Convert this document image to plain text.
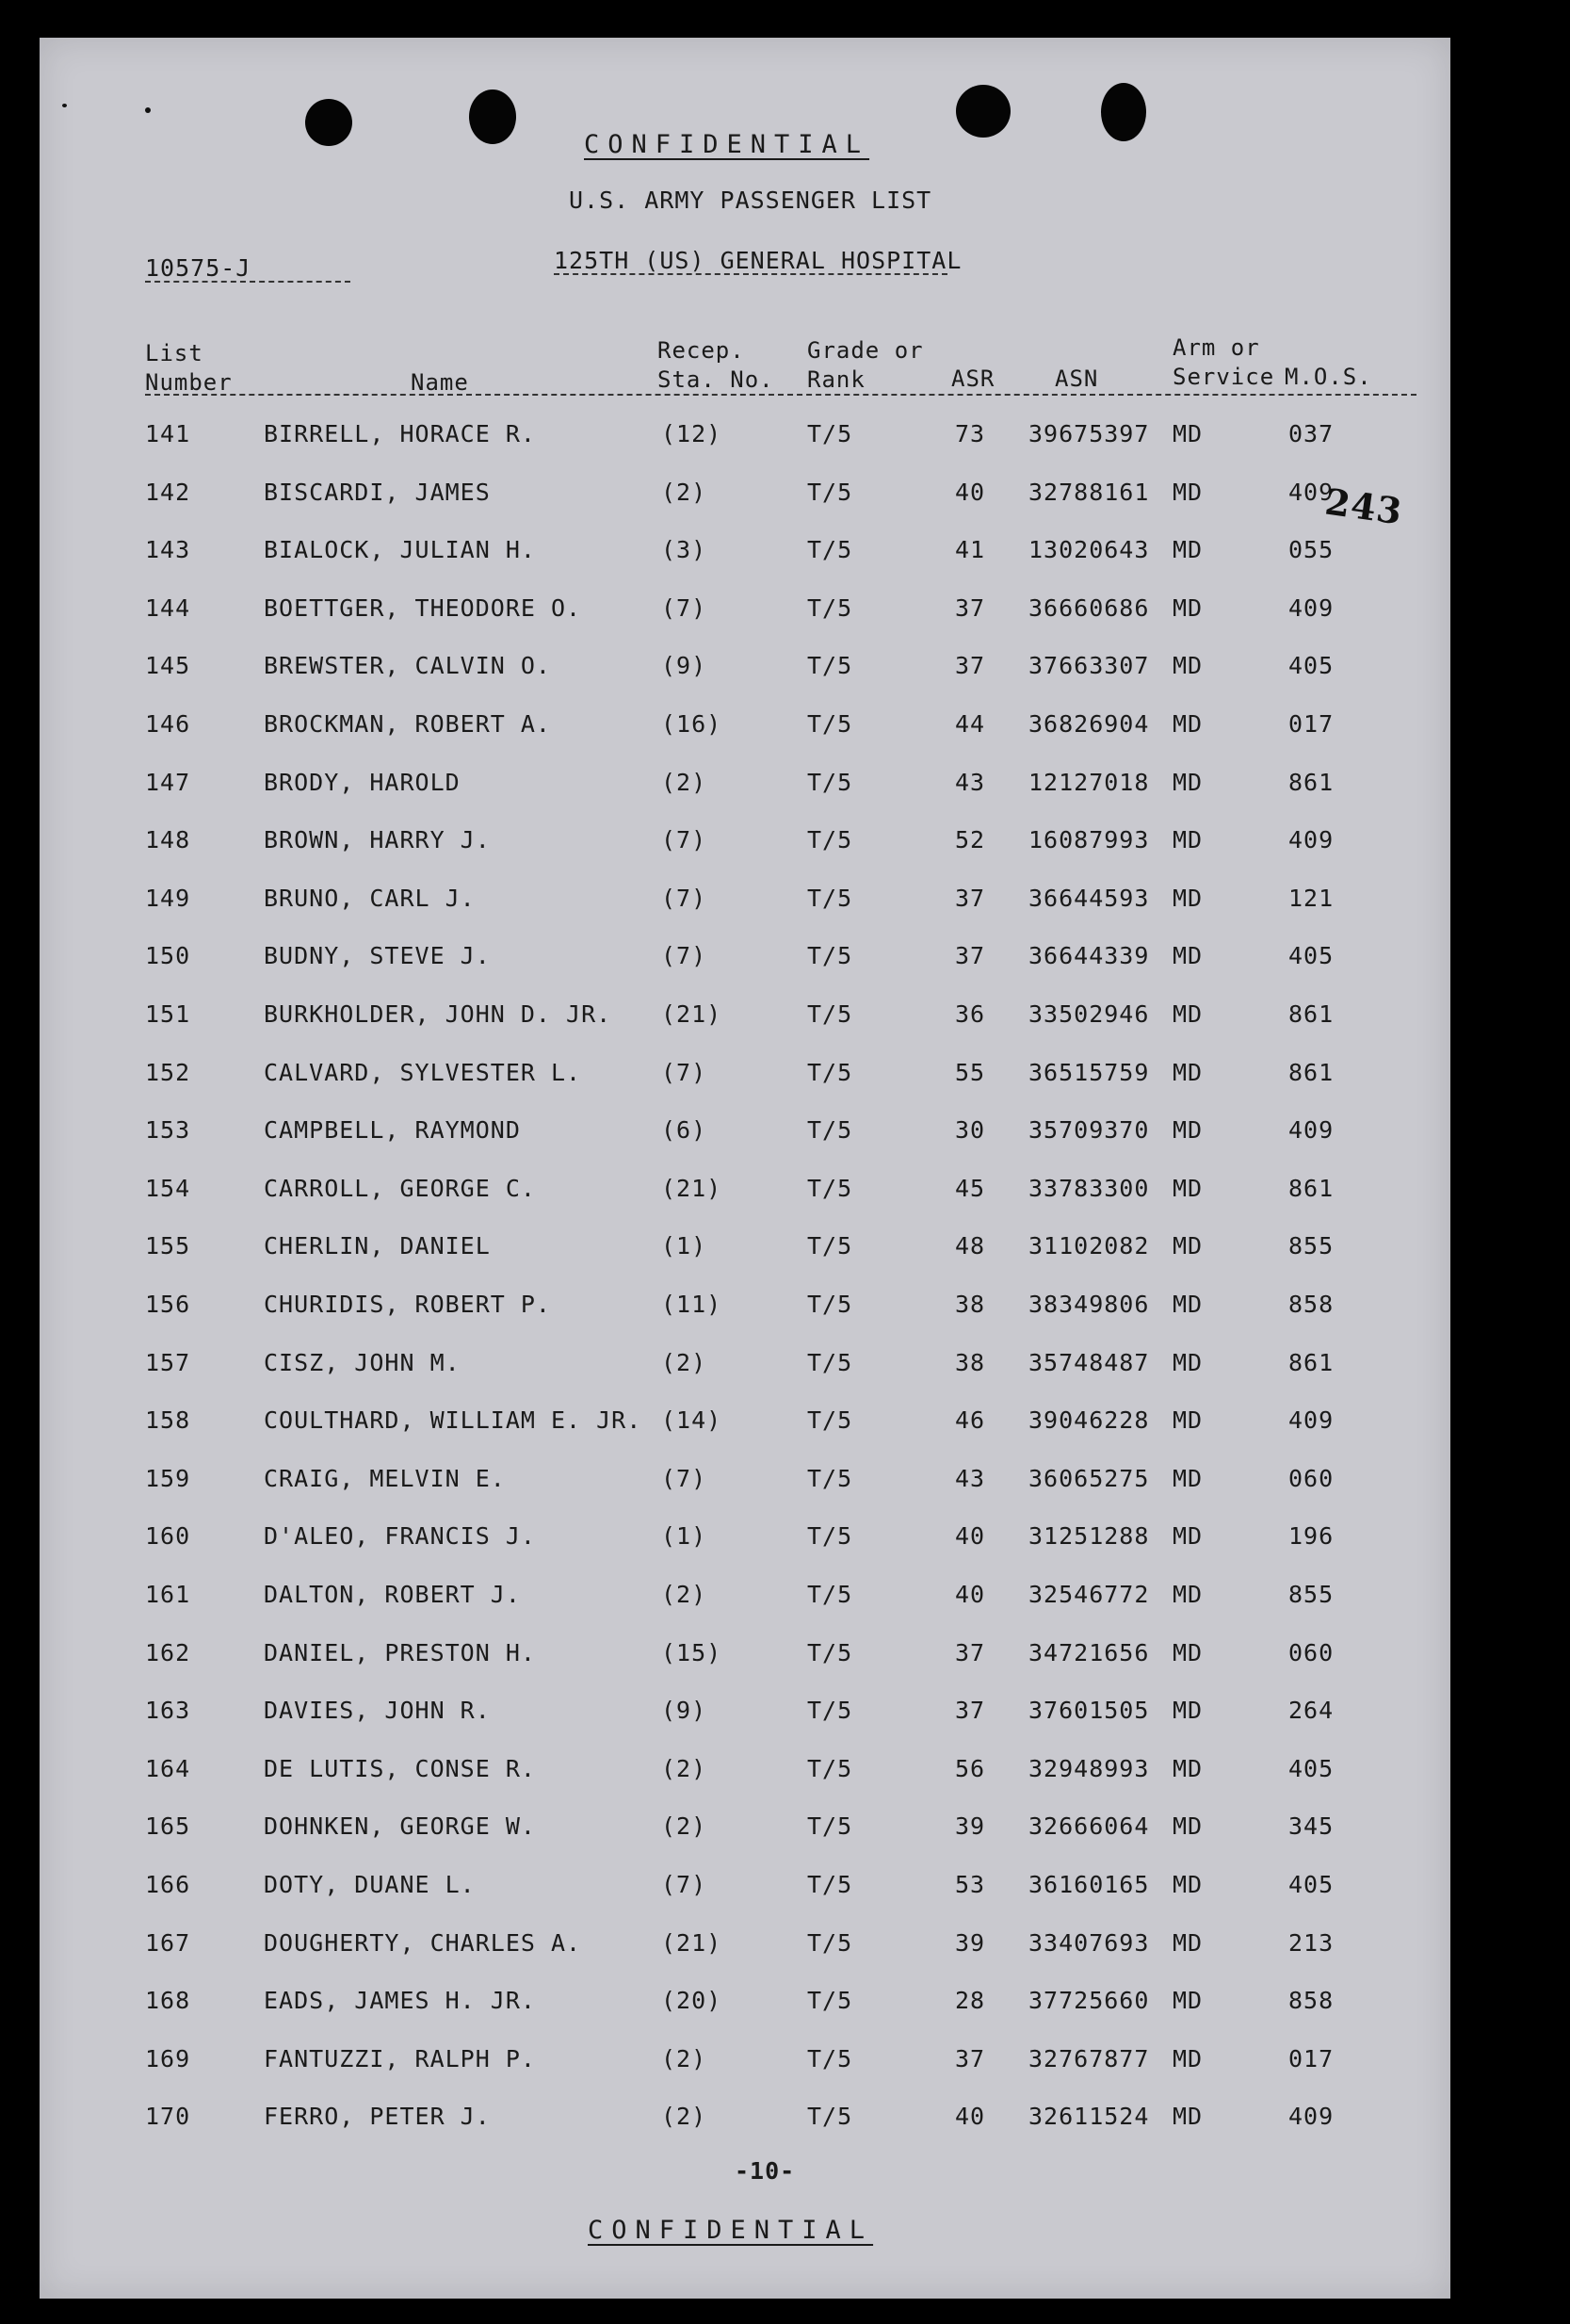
CONFIDENTIAL
U.S. ARMY PASSENGER LIST
10575-J	125TH (US) GENERAL HOSPITAL
List
Number	Name
Recep.
Sta. No.
Grade or
Rank	ASR	ASN
Arm or
Service M.O.S.
141	BIRRELL, HORACE R.	(12)	T/5	73 39675397 MD	037
142	BISCARDI, JAMES	(2)	T/5	40 32788161 MD	409
143	BIALOCK, JULIAN H.	(3)	T/5	41 13020643 MD	055
144	BOETTGER, THEODORE O.	(7)	T/5	37 36660686 MD	409
145	BREWSTER, CALVIN O.	(9)	T/5	37 37663307 MD	405
146	BROCKMAN, ROBERT A.	(16)	T/5	44 36826904 MD	017
147	BRODY, HAROLD	(2)	T/5	43 12127018 MD	861
148	BROWN, HARRY J.	(7)	T/5	52 16087993 MD	409
149	BRUNO, CARL J.	(7)	T/5	37 36644593 MD	121
150	BUDNY, STEVE J.	(7)	T/5	37 36644339 MD	405
151	BURKHOLDER, JOHN D. JR. (21)	T/5	36 33502946 MD	861
152	CALVARD, SYLVESTER L.	(7)	T/5	55 36515759 MD	861
153	CAMPBELL, RAYMOND	(6)	T/5	30 35709370 MD	409
154	CARROLL, GEORGE C.	(21)	T/5	45 33783300 MD	861
155	CHERLIN, DANIEL	(1)	T/5	48 31102082 MD	855
156	CHURIDIS, ROBERT P.	(11)	T/5	38 38349806 MD	858
157	CISZ, JOHN M.	(2)	T/5	38 35748487 MD	861
158	COULTHARD, WILLIAM E. JR. (14)	T/5	46 39046228 MD	409
159	CRAIG, MELVIN E.	(7)	T/5	43 36065275 MD	060
160	D'ALEO, FRANCIS J.	(1)	T/5	40 31251288 MD	196
161	DALTON, ROBERT J.	(2)	T/5	40 32546772 MD	855
162	DANIEL, PRESTON H.	(15)	T/5	37 34721656 MD	060
163	DAVIES, JOHN R.	(9)	T/5	37 37601505 MD	264
164	DE LUTIS, CONSE R.	(2)	T/5	56 32948993 MD	405
165	DOHNKEN, GEORGE W.	(2)	T/5	39 32666064 MD	345
166	DOTY, DUANE L.	(7)	T/5	53 36160165 MD	405
167	DOUGHERTY, CHARLES A.	(21)	T/5	39 33407693 MD	213
168	EADS, JAMES H. JR.	(20)	T/5	28 37725660 MD	858
169	FANTUZZI, RALPH P.	(2)	T/5	37 32767877 MD	017
170	FERRO, PETER J.	(2)	T/5	40 32611524 MD	409
243
-10-
CONFIDENTIAL
